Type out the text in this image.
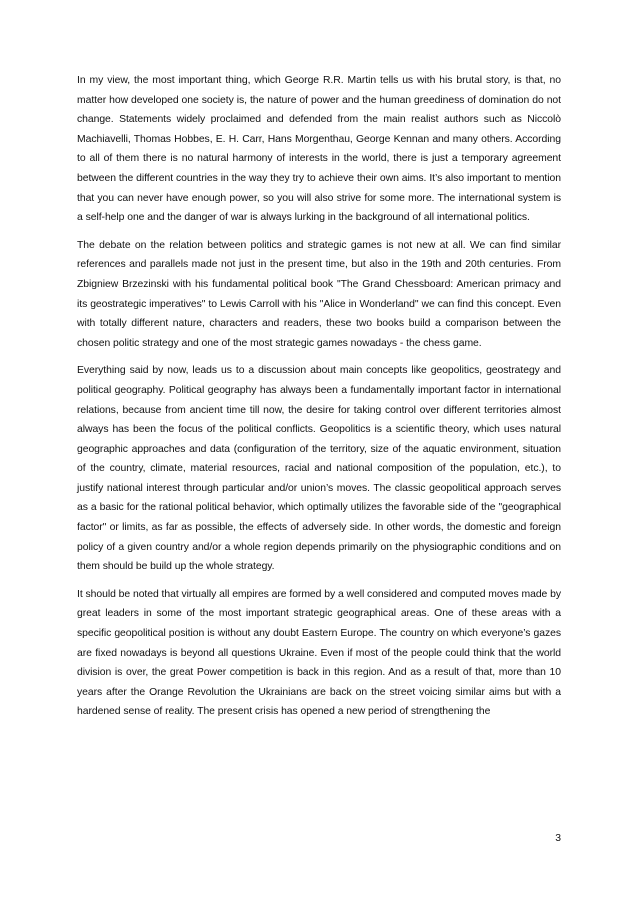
In my view, the most important thing, which George R.R. Martin tells us with his brutal story, is that, no matter how developed one society is, the nature of power and the human greediness of domination do not change. Statements widely proclaimed and defended from the main realist authors such as Niccolò Machiavelli, Thomas Hobbes, E. H. Carr, Hans Morgenthau, George Kennan and many others. According to all of them there is no natural harmony of interests in the world, there is just a temporary agreement between the different countries in the way they try to achieve their own aims. It’s also important to mention that you can never have enough power, so you will also strive for some more. The international system is a self-help one and the danger of war is always lurking in the background of all international politics.

The debate on the relation between politics and strategic games is not new at all. We can find similar references and parallels made not just in the present time, but also in the 19th and 20th centuries. From Zbigniew Brzezinski with his fundamental political book "The Grand Chessboard: American primacy and its geostrategic imperatives" to Lewis Carroll with his "Alice in Wonderland" we can find this concept. Even with totally different nature, characters and readers, these two books build a comparison between the chosen politic strategy and one of the most strategic games nowadays - the chess game.

Everything said by now, leads us to a discussion about main concepts like geopolitics, geostrategy and political geography. Political geography has always been a fundamentally important factor in international relations, because from ancient time till now, the desire for taking control over different territories almost always has been the focus of the political conflicts. Geopolitics is a scientific theory, which uses natural geographic approaches and data (configuration of the territory, size of the aquatic environment, situation of the country, climate, material resources, racial and national composition of the population, etc.), to justify national interest through particular and/or union’s moves. The classic geopolitical approach serves as a basic for the rational political behavior, which optimally utilizes the favorable side of the "geographical factor" or limits, as far as possible, the effects of adversely side. In other words, the domestic and foreign policy of a given country and/or a whole region depends primarily on the physiographic conditions and on them should be build up the whole strategy.

It should be noted that virtually all empires are formed by a well considered and computed moves made by great leaders in some of the most important strategic geographical areas. One of these areas with a specific geopolitical position is without any doubt Eastern Europe. The country on which everyone’s gazes are fixed nowadays is beyond all questions Ukraine. Even if most of the people could think that the world division is over, the great Power competition is back in this region. And as a result of that, more than 10 years after the Orange Revolution the Ukrainians are back on the street voicing similar aims but with a hardened sense of reality. The present crisis has opened a new period of strengthening the

3
